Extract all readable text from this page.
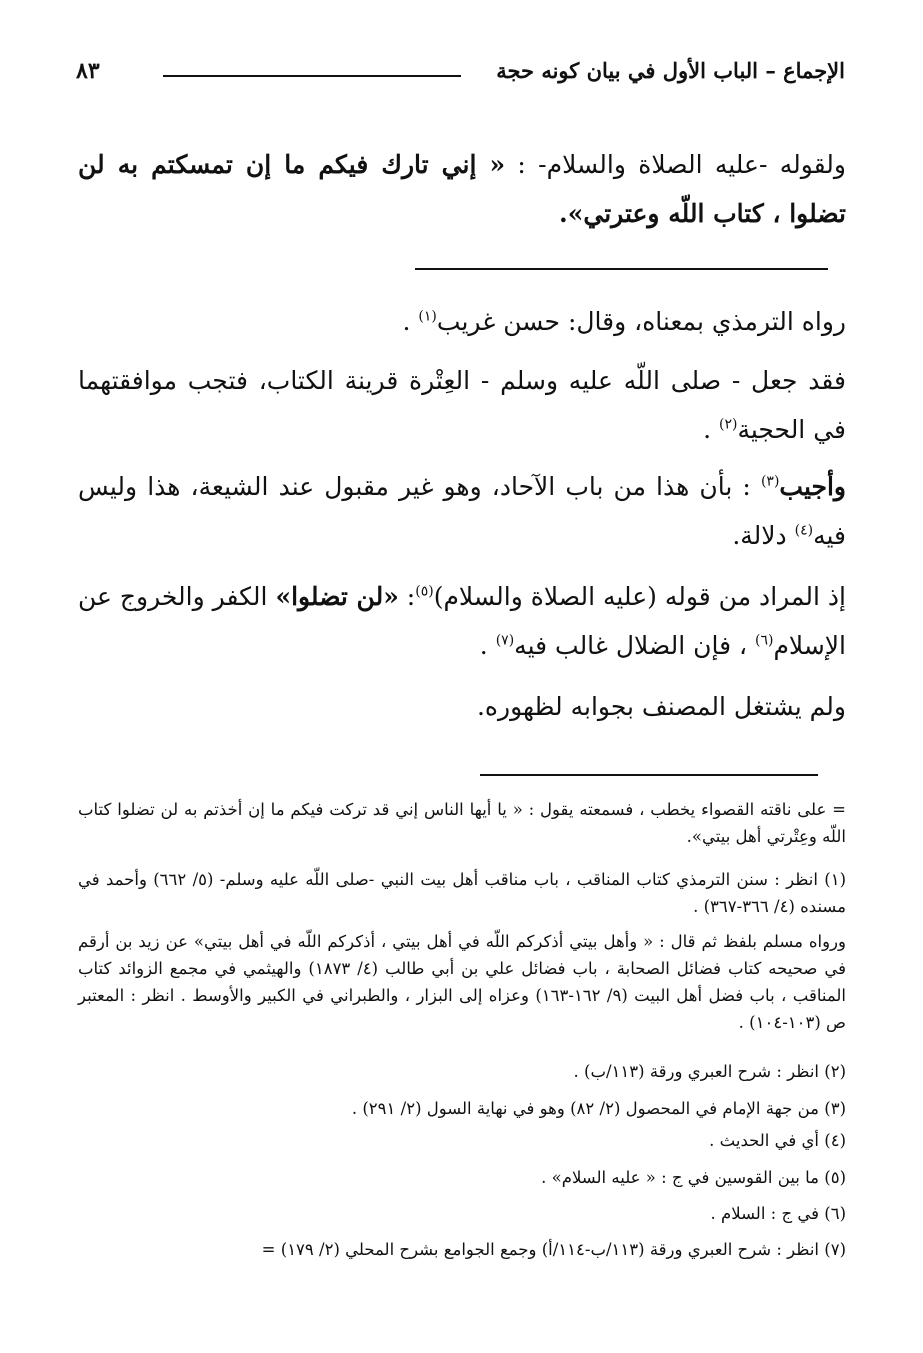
الإجماع – الباب الأول في بيان كونه حجة
٨٣
ولقوله -عليه الصلاة والسلام- : « إني تارك فيكم ما إن تمسكتم به لن تضلوا ، كتاب اللّه وعترتي».
رواه الترمذي بمعناه، وقال: حسن غريب$^{(١)}$ .
فقد جعل - صلى اللّه عليه وسلم - العِتْرة قرينة الكتاب، فتجب موافقتهما في الحجية$^{(٢)}$ .
وأجيب$^{(٣)}$ : بأن هذا من باب الآحاد، وهو غير مقبول عند الشيعة، هذا وليس فيه$^{(٤)}$ دلالة.
إذ المراد من قوله (عليه الصلاة والسلام)$^{(٥)}$: «لن تضلوا» الكفر والخروج عن الإسلام$^{(٦)}$ ، فإن الضلال غالب فيه$^{(٧)}$ .
ولم يشتغل المصنف بجوابه لظهوره.
= على ناقته القصواء يخطب ، فسمعته يقول : « يا أيها الناس إني قد تركت فيكم ما إن أخذتم به لن تضلوا كتاب اللّه وعِتْرتي أهل بيتي».
(١) انظر : سنن الترمذي كتاب المناقب ، باب مناقب أهل بيت النبي -صلى اللّه عليه وسلم- (٥/ ٦٦٢) وأحمد في مسنده (٤/ ٣٦٦-٣٦٧) .
ورواه مسلم بلفظ ثم قال : « وأهل بيتي أذكركم اللّه في أهل بيتي ، أذكركم اللّه في أهل بيتي» عن زيد بن أرقم في صحيحه كتاب فضائل الصحابة ، باب فضائل علي بن أبي طالب (٤/ ١٨٧٣) والهيثمي في مجمع الزوائد كتاب المناقب ، باب فضل أهل البيت (٩/ ١٦٢-١٦٣) وعزاه إلى البزار ، والطبراني في الكبير والأوسط . انظر : المعتبر ص (١٠٣-١٠٤) .
(٢) انظر : شرح العبري ورقة (١١٣/ب) .
(٣) من جهة الإمام في المحصول (٢/ ٨٢) وهو في نهاية السول (٢/ ٢٩١) .
(٤) أي في الحديث .
(٥) ما بين القوسين في ج : « عليه السلام» .
(٦) في ج : السلام .
(٧) انظر : شرح العبري ورقة (١١٣/ب-١١٤/أ) وجمع الجوامع بشرح المحلي (٢/ ١٧٩) =
